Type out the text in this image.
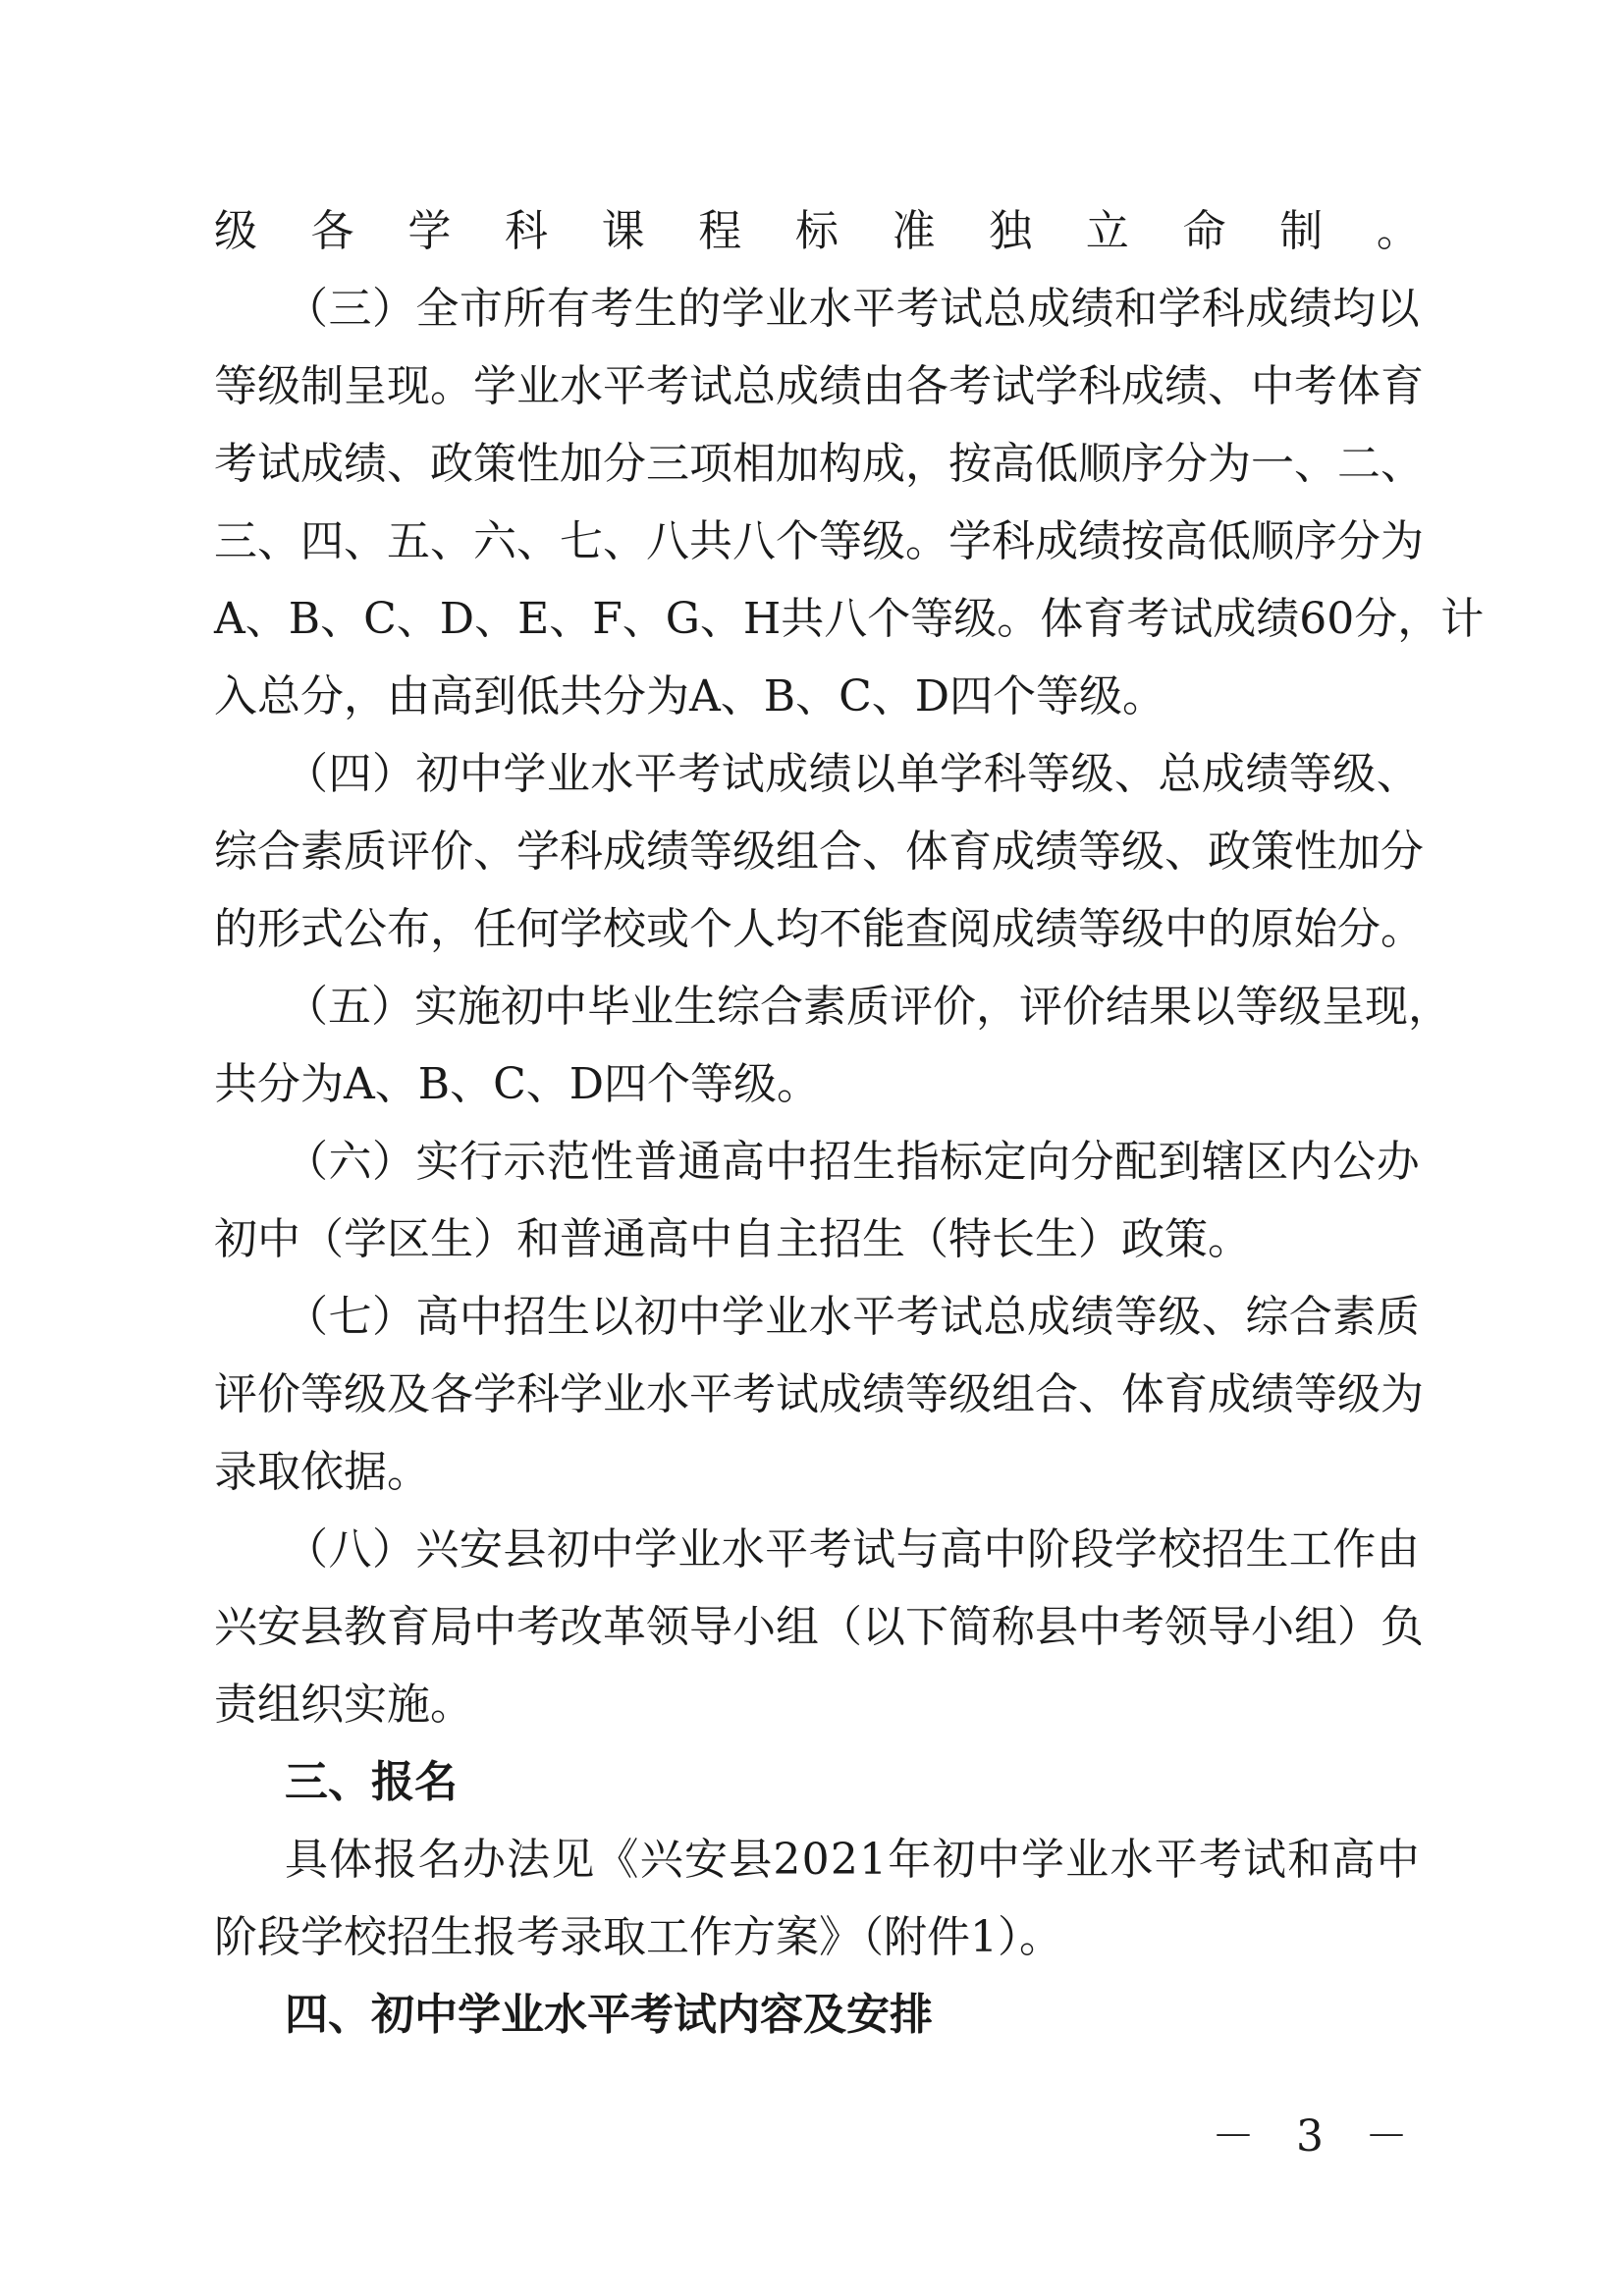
级 各 学 科 课 程 标 准 独 立 命 制 。
（ 三 ） 全 市 所 有 考 生 的 学 业 水 平 考 试 总 成 绩 和 学 科 成 绩 均 以
等 级 制 呈 现 。 学 业 水 平 考 试 总 成 绩 由 各 考 试 学 科 成 绩 、 中 考 体 育
考 试 成 绩 、 政 策 性 加 分 三 项 相 加 构 成 ， 按 高 低 顺 序 分 为 一 、 二 、
三 、 四 、 五 、 六 、 七 、 八 共 八 个 等 级 。 学 科 成 绩 按 高 低 顺 序 分 为
A 、 B 、 C 、 D 、 E 、 F 、 G 、 H 共 八 个 等 级 。 体 育 考 试 成 绩 6 0 分 ， 计
入总分，由高到低共分为A、B、C、D四个等级。
（ 四 ） 初 中 学 业 水 平 考 试 成 绩 以 单 学 科 等 级 、 总 成 绩 等 级 、
综 合 素 质 评 价 、 学 科 成 绩 等 级 组 合 、 体 育 成 绩 等 级 、 政 策 性 加 分
的 形 式 公 布 ， 任 何 学 校 或 个 人 均 不 能 查 阅 成 绩 等 级 中 的 原 始 分 。
（ 五 ） 实 施 初 中 毕 业 生 综 合 素 质 评 价 ， 评 价 结 果 以 等 级 呈 现 ，
共分为A、B、C、D四个等级。
（ 六 ） 实 行 示 范 性 普 通 高 中 招 生 指 标 定 向 分 配 到 辖 区 内 公 办
初中（学区生）和普通高中自主招生（特长生）政策。
（ 七 ） 高 中 招 生 以 初 中 学 业 水 平 考 试 总 成 绩 等 级 、 综 合 素 质
评 价 等 级 及 各 学 科 学 业 水 平 考 试 成 绩 等 级 组 合 、 体 育 成 绩 等 级 为
录取依据。
（ 八 ） 兴 安 县 初 中 学 业 水 平 考 试 与 高 中 阶 段 学 校 招 生 工 作 由
兴 安 县 教 育 局 中 考 改 革 领 导 小 组 （ 以 下 简 称 县 中 考 领 导 小 组 ） 负
责组织实施。
三、报名
具 体 报 名 办 法 见 《 兴 安 县 2 0 2 1 年 初 中 学 业 水 平 考 试 和 高 中
阶段学校招生报考录取工作方案》（附件1）。
四、初中学业水平考试内容及安排
－ 3 －
